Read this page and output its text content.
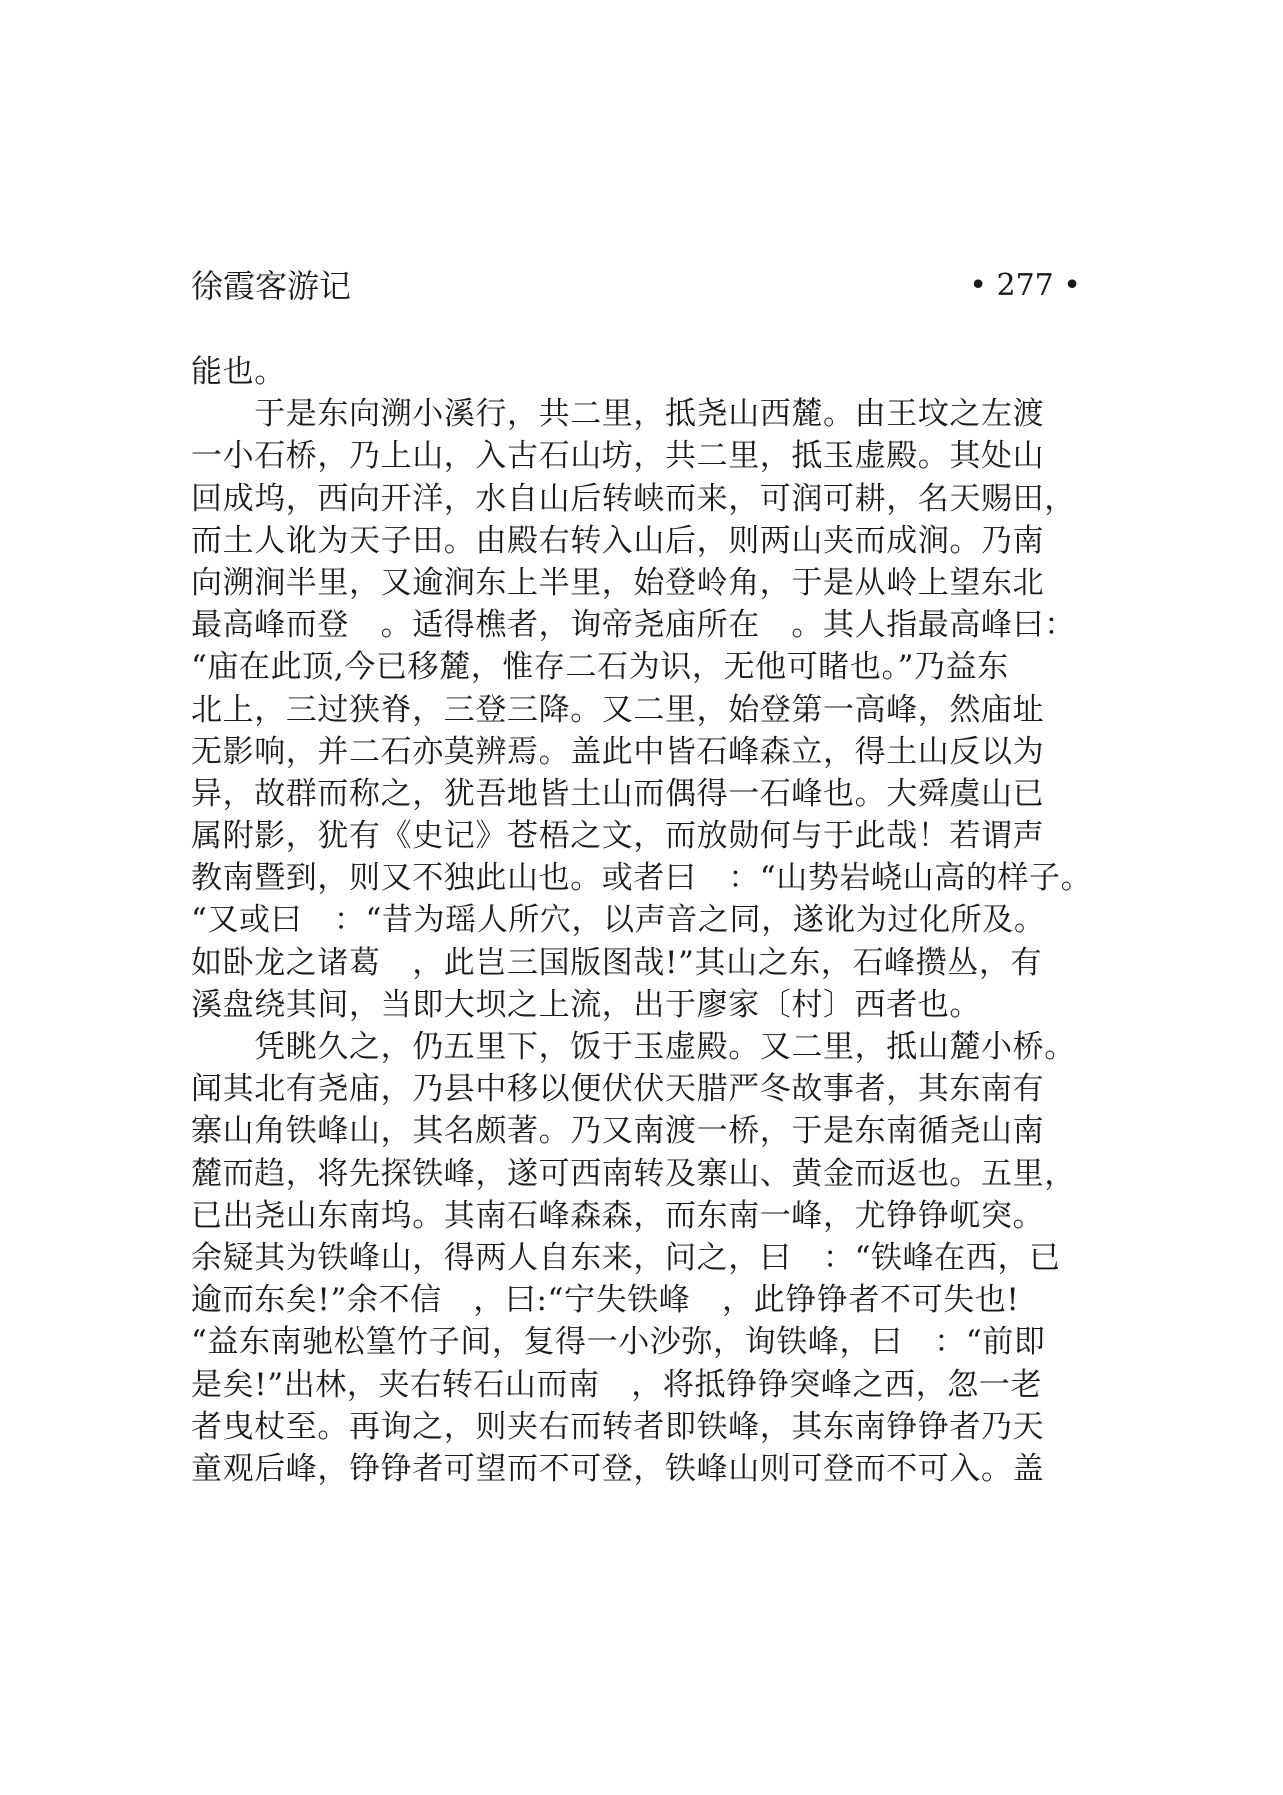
徐霞客游记	• 277 •
能也。
　　于是东向溯小溪行，共二里，抵尧山西麓。由王坟之左渡
一小石桥，乃上山，入古石山坊，共二里，抵玉虚殿。其处山
回成坞，西向开洋，水自山后转峡而来，可润可耕，名天赐田，
而土人讹为天子田。由殿右转入山后，则两山夹而成涧。乃南
向溯涧半里，又逾涧东上半里，始登岭角，于是从岭上望东北
最高峰而登　。适得樵者，询帝尧庙所在　。其人指最高峰曰：
“庙在此顶,今已移麓，惟存二石为识，无他可睹也。”乃益东
北上，三过狭脊，三登三降。又二里，始登第一高峰，然庙址
无影响，并二石亦莫辨焉。盖此中皆石峰森立，得土山反以为
异，故群而称之，犹吾地皆土山而偶得一石峰也。大舜虞山已
属附影，犹有《史记》苍梧之文，而放勋何与于此哉！若谓声
教南暨到，则又不独此山也。或者曰　：“山势岩峣山高的样子。
“又或曰　：“昔为瑶人所穴，以声音之同，遂讹为过化所及。
如卧龙之诸葛　，此岂三国版图哉!”其山之东，石峰攒丛，有
溪盘绕其间，当即大坝之上流，出于廖家〔村〕西者也。
　　凭眺久之，仍五里下，饭于玉虚殿。又二里，抵山麓小桥。
闻其北有尧庙，乃县中移以便伏伏天腊严冬故事者，其东南有
寨山角铁峰山，其名颇著。乃又南渡一桥，于是东南循尧山南
麓而趋，将先探铁峰，遂可西南转及寨山、黄金而返也。五里，
已出尧山东南坞。其南石峰森森，而东南一峰，尤铮铮屼突。
余疑其为铁峰山，得两人自东来，问之，曰　：“铁峰在西，已
逾而东矣!”余不信　，曰:“宁失铁峰　，此铮铮者不可失也!
“益东南驰松篁竹子间，复得一小沙弥，询铁峰，曰　：“前即
是矣!”出林，夹右转石山而南　，将抵铮铮突峰之西，忽一老
者曳杖至。再询之，则夹右而转者即铁峰，其东南铮铮者乃天
童观后峰，铮铮者可望而不可登，铁峰山则可登而不可入。盖
